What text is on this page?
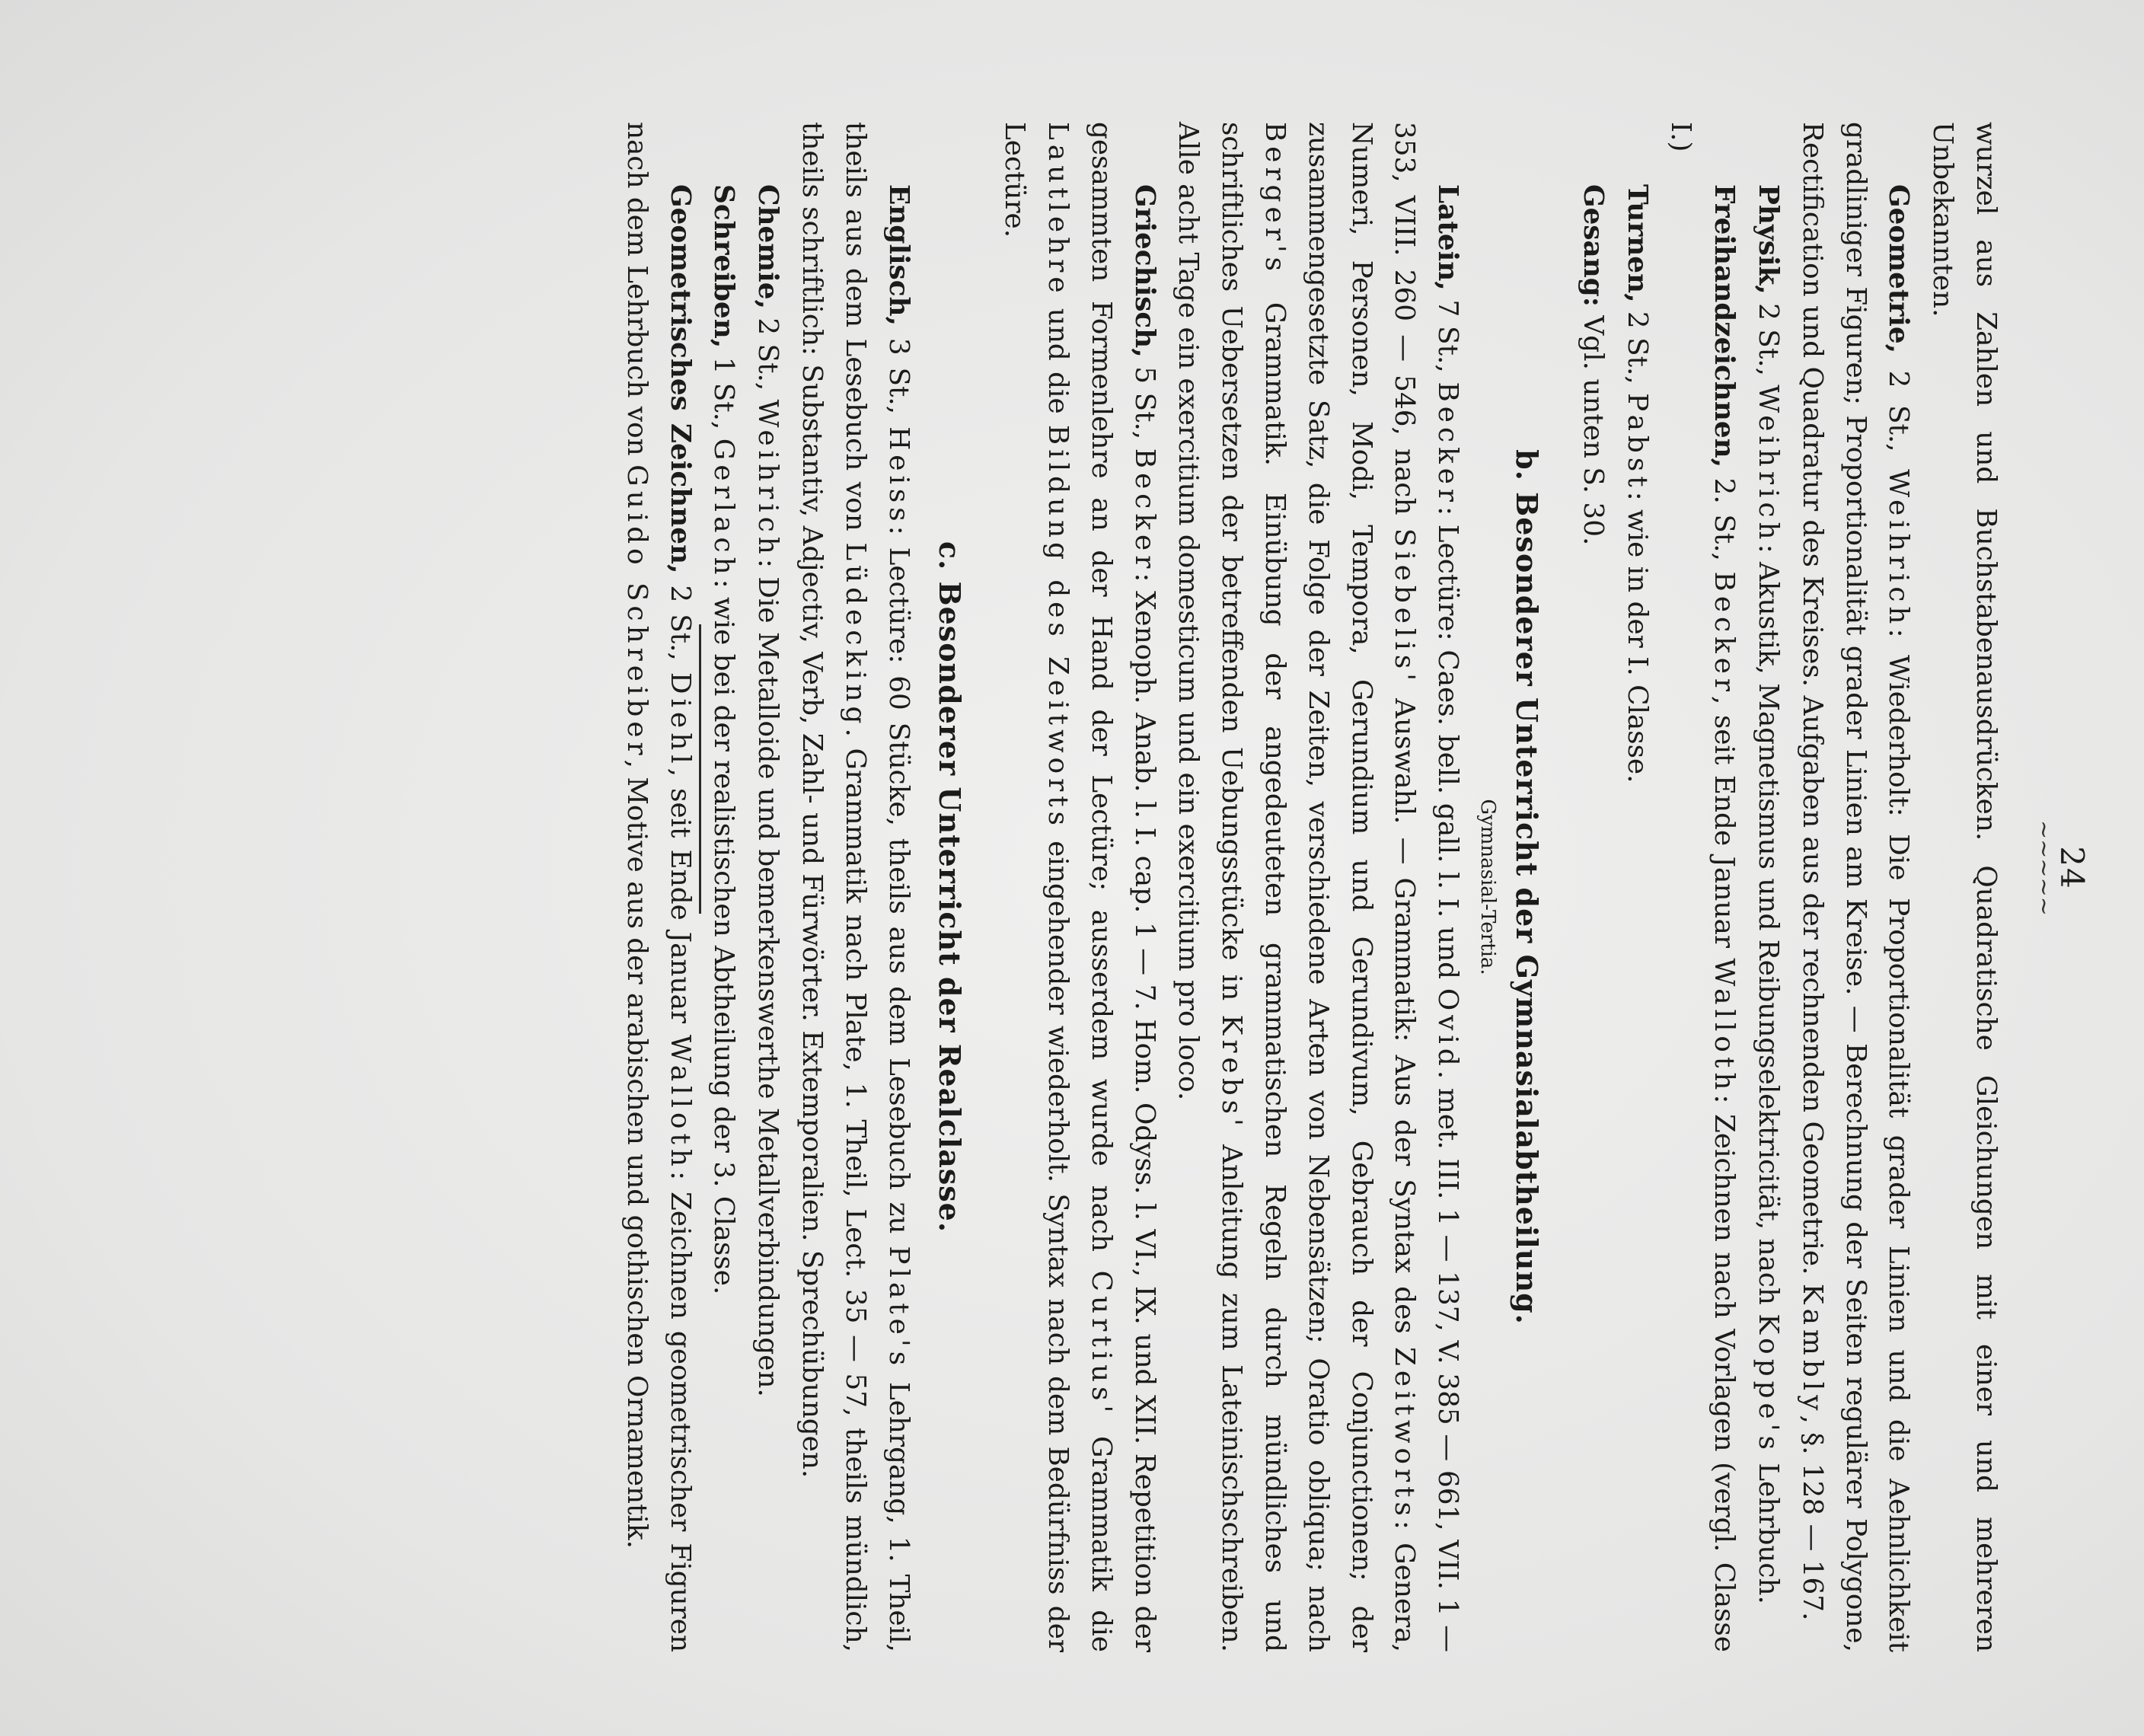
24
~~~~~

wurzel aus Zahlen und Buchstabenausdrücken. Quadratische Gleichungen mit einer und mehreren Unbekannten.

Geometrie, 2 St., Weihrich: Wiederholt: Die Proportionalität grader Linien und die Aehnlichkeit gradliniger Figuren; Proportionalität grader Linien am Kreise. — Berechnung der Seiten regulärer Polygone, Rectification und Quadratur des Kreises. Aufgaben aus der rechnenden Geometrie. Kambly, §. 128 — 167.

Physik, 2 St., Weihrich: Akustik, Magnetismus und Reibungselektricität, nach Koppe's Lehrbuch.

Freihandzeichnen, 2. St., Becker, seit Ende Januar Walloth: Zeichnen nach Vorlagen (vergl. Classe I.)

Turnen, 2 St., Pabst: wie in der I. Classe.

Gesang: Vgl. unten S. 30.

b. Besonderer Unterricht der Gymnasialabtheilung.
Gymnasial-Tertia.

Latein, 7 St., Becker: Lectüre: Caes. bell. gall. l. I. und Ovid. met. III. 1 — 137, V. 385 — 661, VII. 1 — 353, VIII. 260 — 546, nach Siebelis' Auswahl. — Grammatik: Aus der Syntax des Zeitworts: Genera, Numeri, Personen, Modi, Tempora, Gerundium und Gerundivum, Gebrauch der Conjunctionen; der zusammengesetzte Satz, die Folge der Zeiten, verschiedene Arten von Nebensätzen; Oratio obliqua; nach Berger's Grammatik. Einübung der angedeuteten grammatischen Regeln durch mündliches und schriftliches Uebersetzen der betreffenden Uebungsstücke in Krebs' Anleitung zum Lateinischschreiben. Alle acht Tage ein exercitium domesticum und ein exercitium pro loco.

Griechisch, 5 St., Becker: Xenoph. Anab. l. I. cap. 1 — 7. Hom. Odyss. l. VI., IX. und XII. Repetition der gesammten Formenlehre an der Hand der Lectüre; ausserdem wurde nach Curtius' Grammatik die Lautlehre und die Bildung des Zeitworts eingehender wiederholt. Syntax nach dem Bedürfniss der Lectüre.

c. Besonderer Unterricht der Realclasse.

Englisch, 3 St., Heiss: Lectüre: 60 Stücke, theils aus dem Lesebuch zu Plate's Lehrgang, 1. Theil, theils aus dem Lesebuch von Lüdecking. Grammatik nach Plate, 1. Theil, Lect. 35 — 57, theils mündlich, theils schriftlich: Substantiv, Adjectiv, Verb, Zahl- und Fürwörter. Extemporalien. Sprechübungen.

Chemie, 2 St., Weihrich: Die Metalloide und bemerkenswerthe Metallverbindungen.

Schreiben, 1 St., Gerlach: wie bei der realistischen Abtheilung der 3. Classe.

Geometrisches Zeichnen, 2 St., Diehl, seit Ende Januar Walloth: Zeichnen geometrischer Figuren nach dem Lehrbuch von Guido Schreiber, Motive aus der arabischen und gothischen Ornamentik.
